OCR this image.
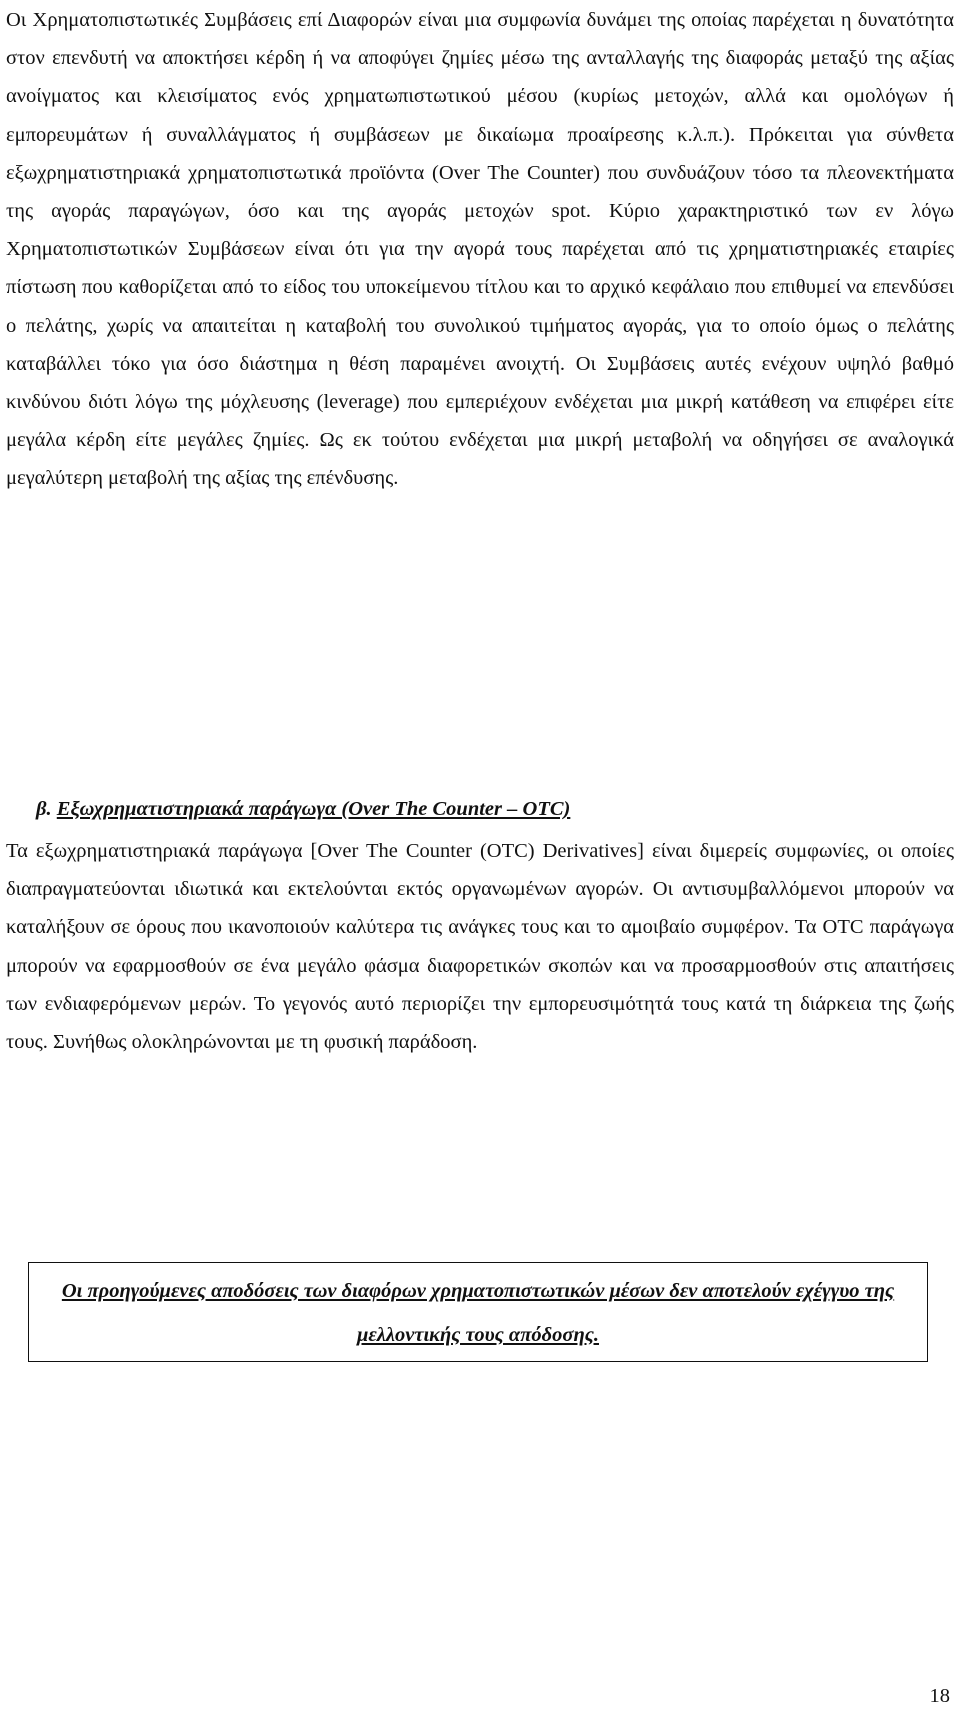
Οι Χρηματοπιστωτικές Συμβάσεις επί Διαφορών είναι μια συμφωνία δυνάμει της οποίας παρέχεται η δυνατότητα στον επενδυτή να αποκτήσει κέρδη ή να αποφύγει ζημίες μέσω της ανταλλαγής της διαφοράς μεταξύ της αξίας ανοίγματος και κλεισίματος ενός χρηματωπιστωτικού μέσου (κυρίως μετοχών, αλλά και ομολόγων ή εμπορευμάτων ή συναλλάγματος ή συμβάσεων με δικαίωμα προαίρεσης κ.λ.π.). Πρόκειται για σύνθετα εξωχρηματιστηριακά χρηματοπιστωτικά προϊόντα (Over The Counter) που συνδυάζουν τόσο τα πλεονεκτήματα της αγοράς παραγώγων, όσο και της αγοράς μετοχών spot. Κύριο χαρακτηριστικό των εν λόγω Χρηματοπιστωτικών Συμβάσεων είναι ότι για την αγορά τους παρέχεται από τις χρηματιστηριακές εταιρίες πίστωση που καθορίζεται από το είδος του υποκείμενου τίτλου και το αρχικό κεφάλαιο που επιθυμεί να επενδύσει ο πελάτης, χωρίς να απαιτείται η καταβολή του συνολικού τιμήματος αγοράς, για το οποίο όμως ο πελάτης καταβάλλει τόκο για όσο διάστημα η θέση παραμένει ανοιχτή. Οι Συμβάσεις αυτές ενέχουν υψηλό βαθμό κινδύνου διότι λόγω της μόχλευσης (leverage) που εμπεριέχουν ενδέχεται μια μικρή κατάθεση να επιφέρει είτε μεγάλα κέρδη είτε μεγάλες ζημίες. Ως εκ τούτου ενδέχεται μια μικρή μεταβολή να οδηγήσει σε αναλογικά μεγαλύτερη μεταβολή της αξίας της επένδυσης.

β. Εξωχρηματιστηριακά παράγωγα (Over The Counter – OTC)

Τα εξωχρηματιστηριακά παράγωγα [Over The Counter (OTC) Derivatives] είναι διμερείς συμφωνίες, οι οποίες διαπραγματεύονται ιδιωτικά και εκτελούνται εκτός οργανωμένων αγορών. Οι αντισυμβαλλόμενοι μπορούν να καταλήξουν σε όρους που ικανοποιούν καλύτερα τις ανάγκες τους και το αμοιβαίο συμφέρον. Τα OTC παράγωγα μπορούν να εφαρμοσθούν σε ένα μεγάλο φάσμα διαφορετικών σκοπών και να προσαρμοσθούν στις απαιτήσεις των ενδιαφερόμενων μερών. Το γεγονός αυτό περιορίζει την εμπορευσιμότητά τους κατά τη διάρκεια της ζωής τους. Συνήθως ολοκληρώνονται με τη φυσική παράδοση.

Οι προηγούμενες αποδόσεις των διαφόρων χρηματοπιστωτικών μέσων δεν αποτελούν εχέγγυο της μελλοντικής τους απόδοσης.
18
